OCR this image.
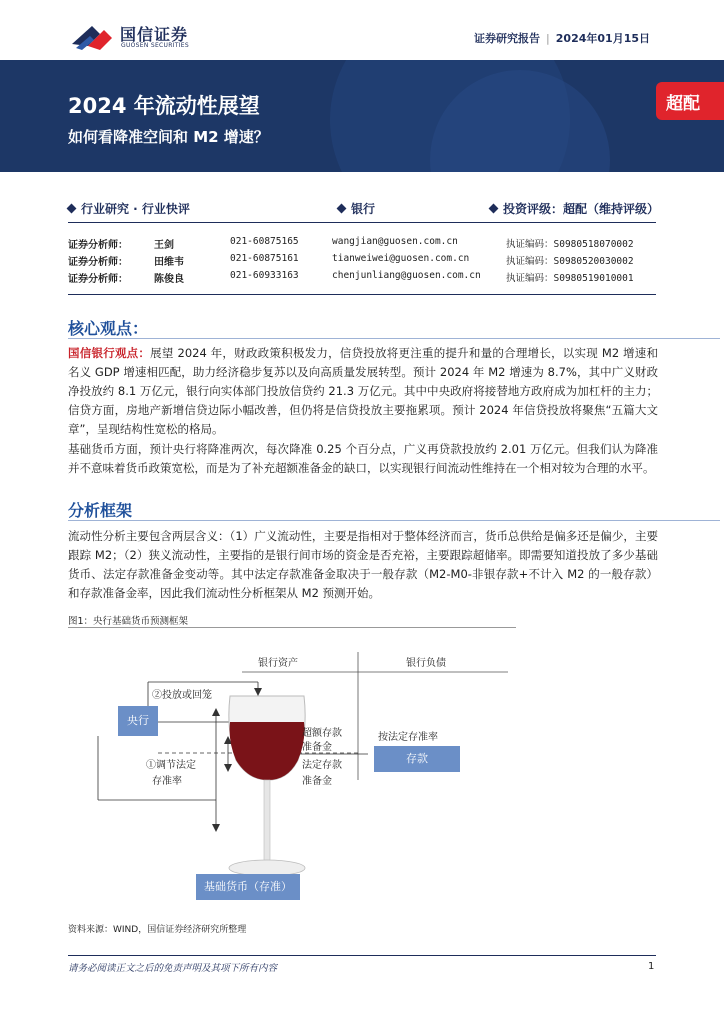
国信证券
GUOSEN SECURITIES
证券研究报告 | 2024年01月15日
2024 年流动性展望
如何看降准空间和 M2 增速？
超配
行业研究 · 行业快评	银行	投资评级：超配（维持评级）
证券分析师：	王剑	021-60875165	wangjian@guosen.com.cn	执证编码：S0980518070002
证券分析师：	田维韦	021-60875161	tianweiwei@guosen.com.cn	执证编码：S0980520030002
证券分析师：	陈俊良	021-60933163	chenjunliang@guosen.com.cn	执证编码：S0980519010001
核心观点：
国信银行观点：展望 2024 年，财政政策积极发力，信贷投放将更注重的提升和量的合理增长，以实现 M2 增速和名义 GDP 增速相匹配，助力经济稳步复苏以及向高质量发展转型。预计 2024 年 M2 增速为 8.7%，其中广义财政净投放约 8.1 万亿元，银行向实体部门投放信贷约 21.3 万亿元。其中中央政府将接替地方政府成为加杠杆的主力；信贷方面，房地产新增信贷边际小幅改善，但仍将是信贷投放主要拖累项。预计 2024 年信贷投放将聚焦“五篇大文章”，呈现结构性宽松的格局。
基础货币方面，预计央行将降准两次，每次降准 0.25 个百分点，广义再贷款投放约 2.01 万亿元。但我们认为降准并不意味着货币政策宽松，而是为了补充超额准备金的缺口，以实现银行间流动性维持在一个相对较为合理的水平。
分析框架
流动性分析主要包含两层含义：（1）广义流动性，主要是指相对于整体经济而言，货币总供给是偏多还是偏少，主要跟踪 M2；（2）狭义流动性，主要指的是银行间市场的资金是否充裕，主要跟踪超储率。即需要知道投放了多少基础货币、法定存款准备金变动等。其中法定存款准备金取决于一般存款（M2-M0-非银存款+不计入 M2 的一般存款）和存款准备金率，因此我们流动性分析框架从 M2 预测开始。
图1：央行基础货币预测框架
央行
存款
基础货币（存准）
银行资产	银行负债
②投放或回笼
①调节法定
存准率
超额存款
准备金
法定存款
准备金
按法定存准率
资料来源：WIND，国信证券经济研究所整理
请务必阅读正文之后的免责声明及其项下所有内容	1
